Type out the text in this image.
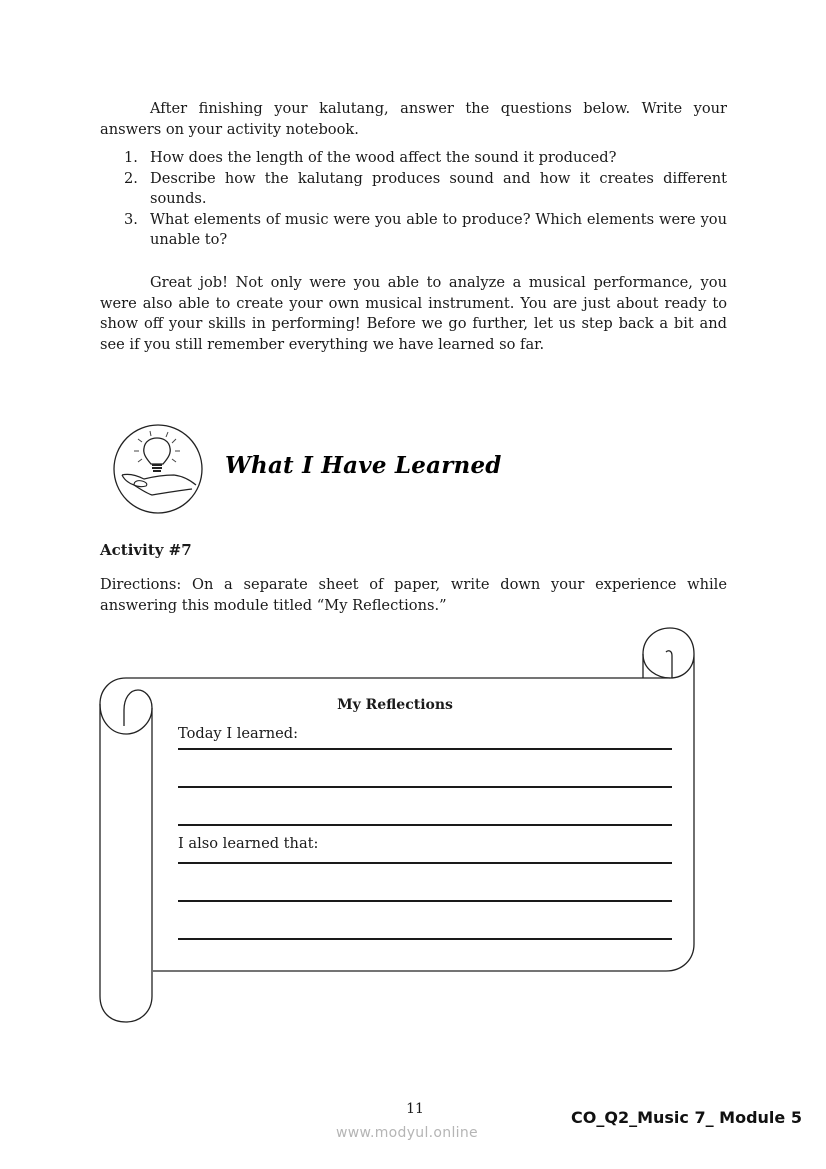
After finishing your kalutang, answer the questions below. Write your answers on your activity notebook.

1. How does the length of the wood affect the sound it produced?
2. Describe how the kalutang produces sound and how it creates different sounds.
3. What elements of music were you able to produce? Which elements were you unable to?

Great job! Not only were you able to analyze a musical performance, you were also able to create your own musical instrument. You are just about ready to show off your skills in performing! Before we go further, let us step back a bit and see if you still remember everything we have learned so far.

What I Have Learned
Activity #7

Directions: On a separate sheet of paper, write down your experience while answering this module titled “My Reflections.”

My Reflections
Today I learned:
I also learned that:
11	CO_Q2_Music 7_ Module 5
www.modyul.online
